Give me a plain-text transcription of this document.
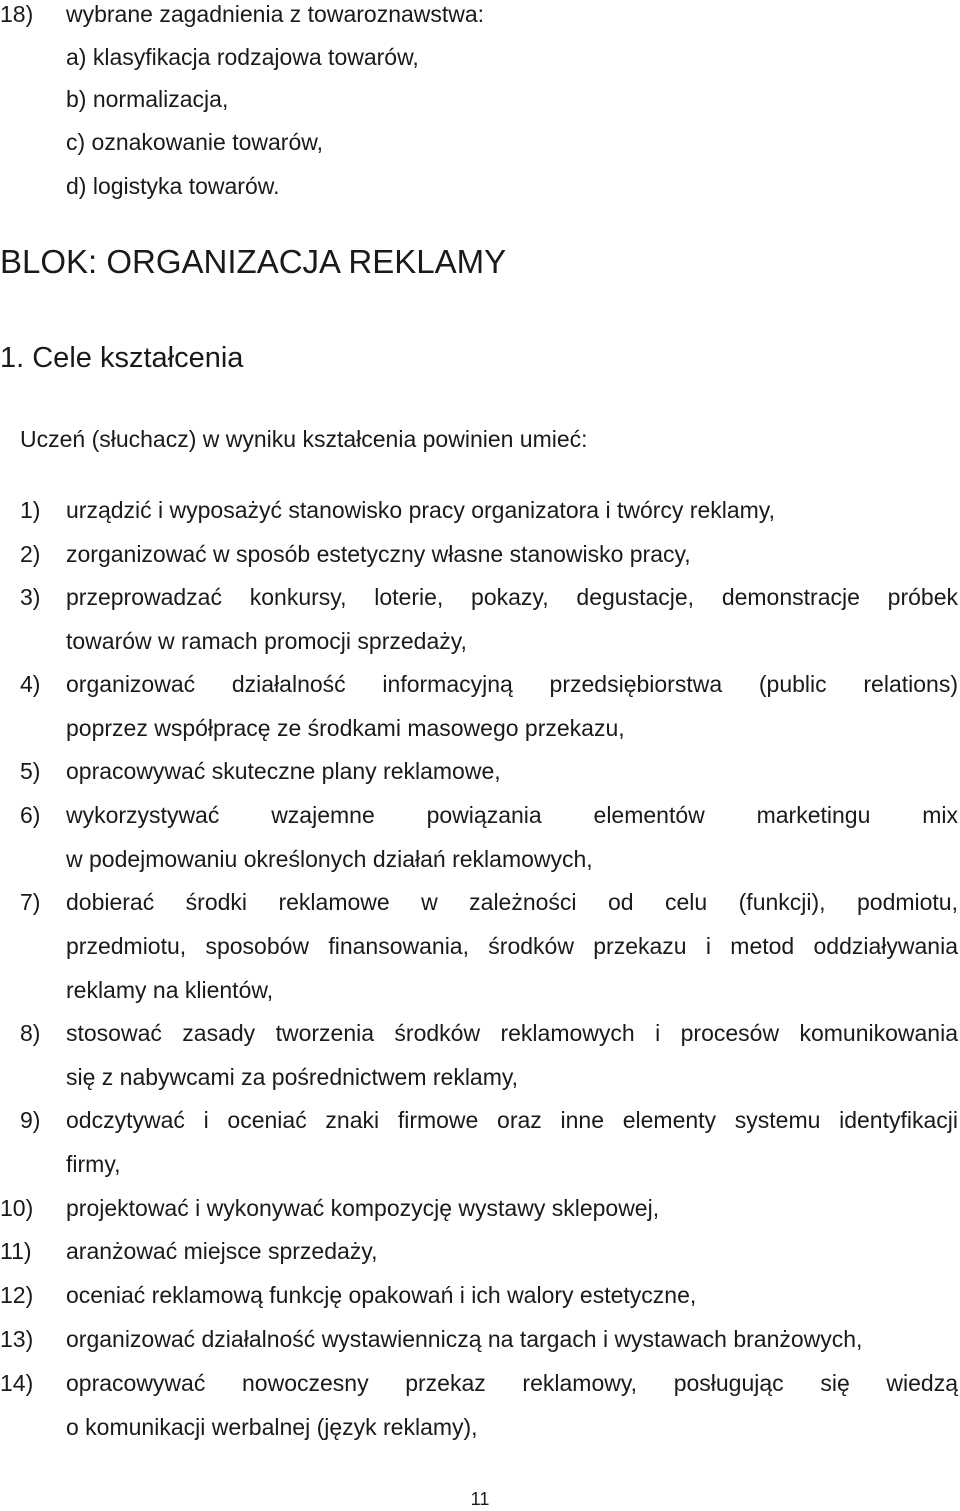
18) wybrane zagadnienia z towaroznawstwa:
a) klasyfikacja rodzajowa towarów,
b) normalizacja,
c) oznakowanie towarów,
d) logistyka towarów.
BLOK: ORGANIZACJA REKLAMY
1. Cele kształcenia
Uczeń (słuchacz) w wyniku kształcenia powinien umieć:
1) urządzić i wyposażyć stanowisko pracy organizatora i twórcy reklamy,
2) zorganizować w sposób estetyczny własne stanowisko pracy,
3) przeprowadzać konkursy, loterie, pokazy, degustacje, demonstracje próbek
towarów w ramach promocji sprzedaży,
4) organizować działalność informacyjną przedsiębiorstwa (public relations)
poprzez współpracę ze środkami masowego przekazu,
5) opracowywać skuteczne plany reklamowe,
6) wykorzystywać wzajemne powiązania elementów marketingu mix
w podejmowaniu określonych działań reklamowych,
7) dobierać środki reklamowe w zależności od celu (funkcji), podmiotu,
przedmiotu, sposobów finansowania, środków przekazu i metod oddziaływania
reklamy na klientów,
8) stosować zasady tworzenia środków reklamowych i procesów komunikowania
się z nabywcami za pośrednictwem reklamy,
9) odczytywać i oceniać znaki firmowe oraz inne elementy systemu identyfikacji
firmy,
10) projektować i wykonywać kompozycję wystawy sklepowej,
11) aranżować miejsce sprzedaży,
12) oceniać reklamową funkcję opakowań i ich walory estetyczne,
13) organizować działalność wystawienniczą na targach i wystawach branżowych,
14) opracowywać nowoczesny przekaz reklamowy, posługując się wiedzą
o komunikacji werbalnej (język reklamy),
11
